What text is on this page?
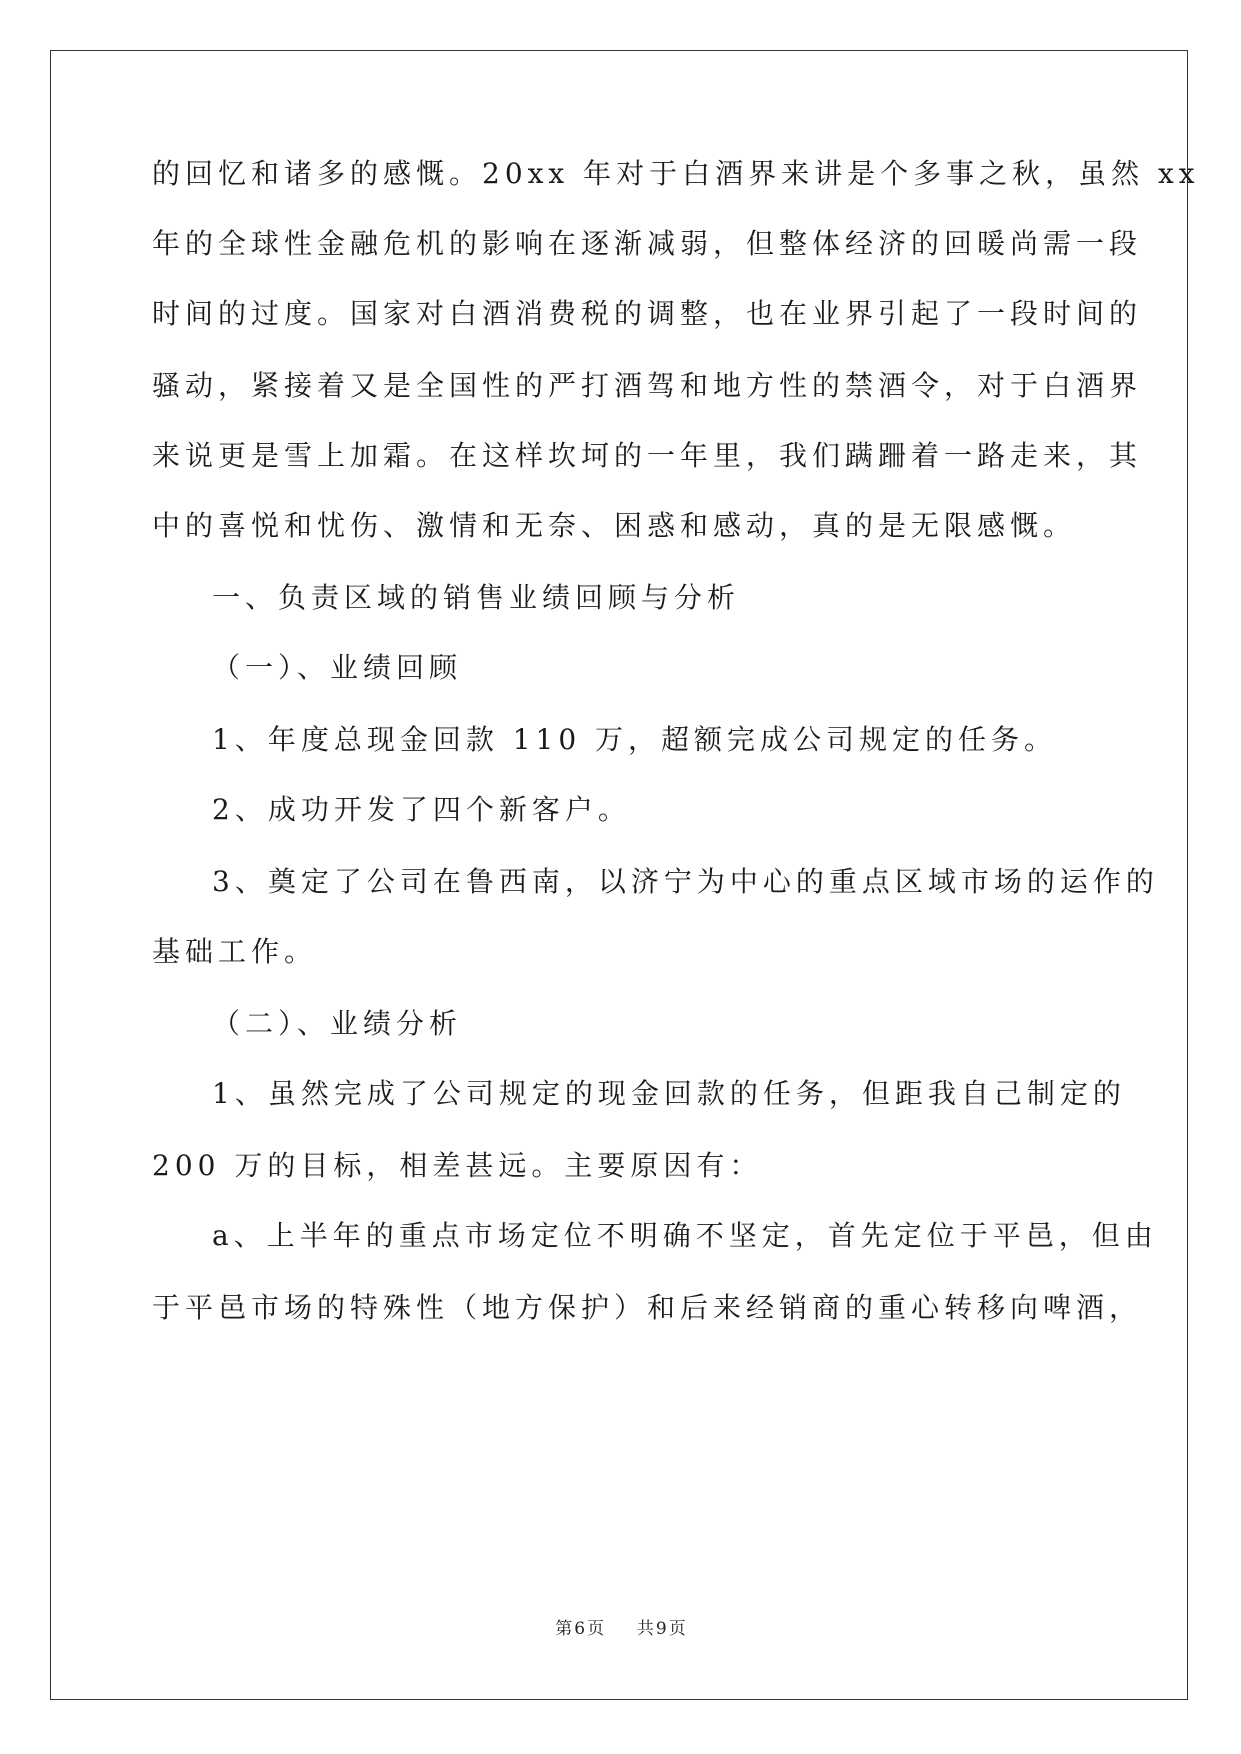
的回忆和诸多的感慨。20xx 年对于白酒界来讲是个多事之秋，虽然 xx
年的全球性金融危机的影响在逐渐减弱，但整体经济的回暖尚需一段
时间的过度。国家对白酒消费税的调整，也在业界引起了一段时间的
骚动，紧接着又是全国性的严打酒驾和地方性的禁酒令，对于白酒界
来说更是雪上加霜。在这样坎坷的一年里，我们蹒跚着一路走来，其
中的喜悦和忧伤、激情和无奈、困惑和感动，真的是无限感慨。
一、负责区域的销售业绩回顾与分析
（一）、业绩回顾
1、年度总现金回款 110 万，超额完成公司规定的任务。
2、成功开发了四个新客户。
3、奠定了公司在鲁西南，以济宁为中心的重点区域市场的运作的
基础工作。
（二）、业绩分析
1、虽然完成了公司规定的现金回款的任务，但距我自己制定的
200 万的目标，相差甚远。主要原因有：
a、上半年的重点市场定位不明确不坚定，首先定位于平邑，但由
于平邑市场的特殊性（地方保护）和后来经销商的重心转移向啤酒，
第 6 页 共 9 页
